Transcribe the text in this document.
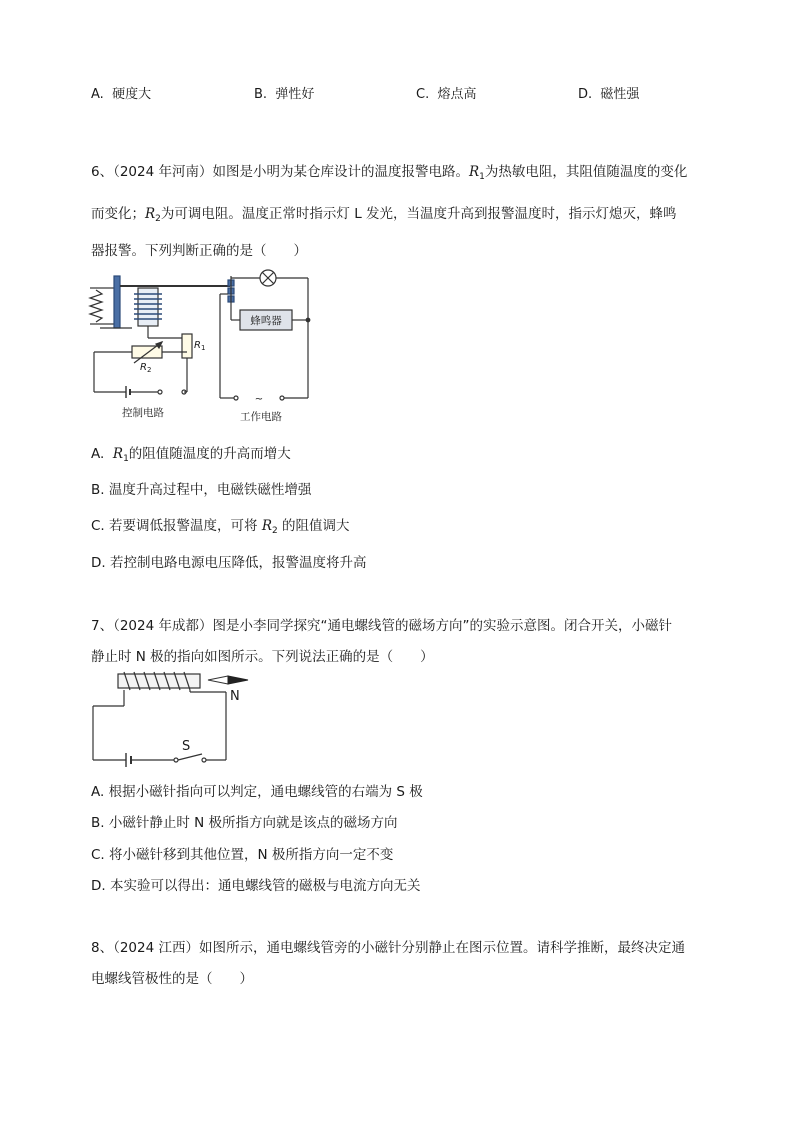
A. 硬度大	B. 弹性好	C. 熔点高	D. 磁性强
6、（2024 年河南）如图是小明为某仓库设计的温度报警电路。$R_1$为热敏电阻，其阻值随温度的变化
而变化；$R_2$为可调电阻。温度正常时指示灯 L 发光，当温度升高到报警温度时，指示灯熄灭，蜂鸣
器报警。下列判断正确的是（　　）
蜂鸣器
R 1
R 2
~
控制电路	工作电路
A. $R_1$的阻值随温度的升高而增大
B. 温度升高过程中，电磁铁磁性增强
C. 若要调低报警温度，可将 $R_2$ 的阻值调大
D. 若控制电路电源电压降低，报警温度将升高
7、（2024 年成都）图是小李同学探究“通电螺线管的磁场方向”的实验示意图。闭合开关，小磁针
静止时 N 极的指向如图所示。下列说法正确的是（　　）
N
S
A. 根据小磁针指向可以判定，通电螺线管的右端为 S 极
B. 小磁针静止时 N 极所指方向就是该点的磁场方向
C. 将小磁针移到其他位置，N 极所指方向一定不变
D. 本实验可以得出：通电螺线管的磁极与电流方向无关
8、（2024 江西）如图所示，通电螺线管旁的小磁针分别静止在图示位置。请科学推断，最终决定通
电螺线管极性的是（　　）
